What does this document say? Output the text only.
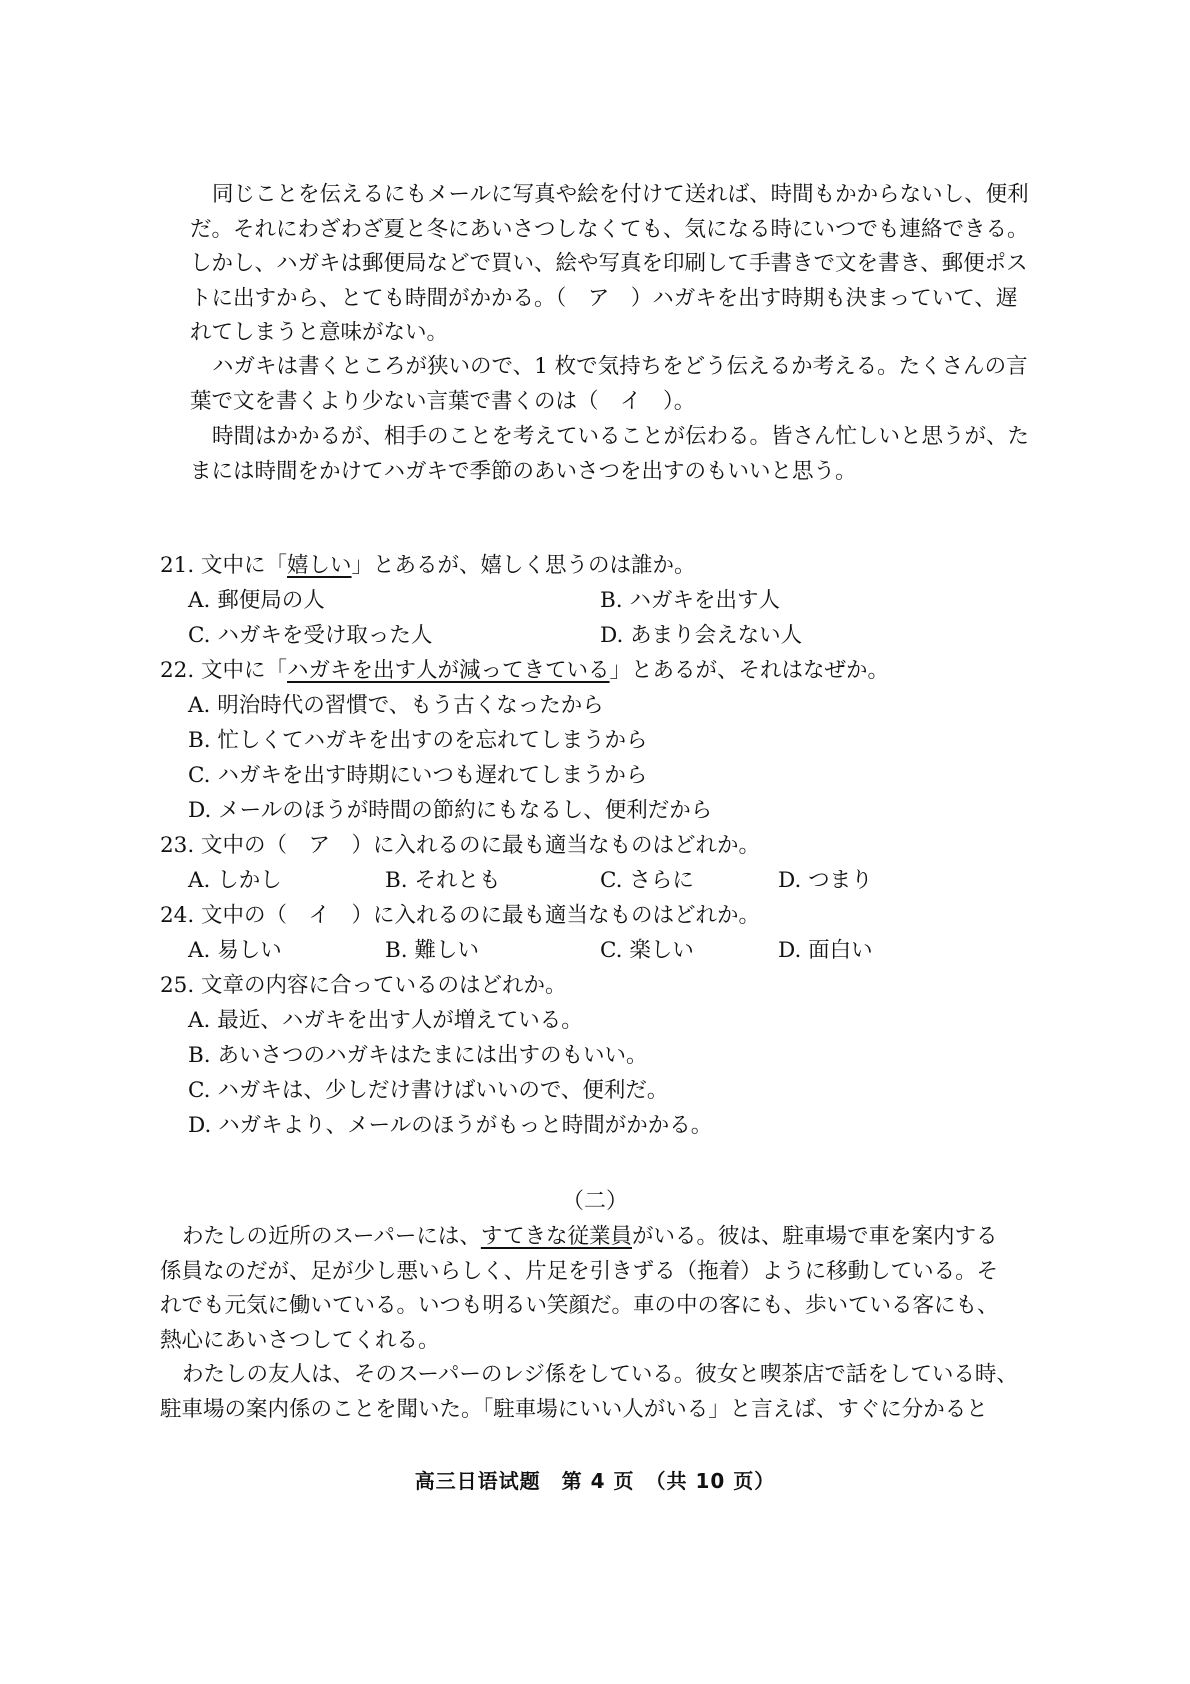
同じことを伝えるにもメールに写真や絵を付けて送れば、時間もかからないし、便利
だ。それにわざわざ夏と冬にあいさつしなくても、気になる時にいつでも連絡できる。
しかし、ハガキは郵便局などで買い、絵や写真を印刷して手書きで文を書き、郵便ポス
トに出すから、とても時間がかかる。（　ア　）ハガキを出す時期も決まっていて、遅
れてしまうと意味がない。

ハガキは書くところが狭いので、1 枚で気持ちをどう伝えるか考える。たくさんの言
葉で文を書くより少ない言葉で書くのは（　イ　）。

時間はかかるが、相手のことを考えていることが伝わる。皆さん忙しいと思うが、た
まには時間をかけてハガキで季節のあいさつを出すのもいいと思う。

21. 文中に「嬉しい」とあるが、嬉しく思うのは誰か。
A. 郵便局の人	B. ハガキを出す人
C. ハガキを受け取った人	D. あまり会えない人
22. 文中に「ハガキを出す人が減ってきている」とあるが、それはなぜか。
A. 明治時代の習慣で、もう古くなったから
B. 忙しくてハガキを出すのを忘れてしまうから
C. ハガキを出す時期にいつも遅れてしまうから
D. メールのほうが時間の節約にもなるし、便利だから
23. 文中の（　ア　）に入れるのに最も適当なものはどれか。
A. しかし	B. それとも	C. さらに	D. つまり
24. 文中の（　イ　）に入れるのに最も適当なものはどれか。
A. 易しい	B. 難しい	C. 楽しい	D. 面白い
25. 文章の内容に合っているのはどれか。
A. 最近、ハガキを出す人が増えている。
B. あいさつのハガキはたまには出すのもいい。
C. ハガキは、少しだけ書けばいいので、便利だ。
D. ハガキより、メールのほうがもっと時間がかかる。
（二）

わたしの近所のスーパーには、すてきな従業員がいる。彼は、駐車場で車を案内する
係員なのだが、足が少し悪いらしく、片足を引きずる（拖着）ように移動している。そ
れでも元気に働いている。いつも明るい笑顔だ。車の中の客にも、歩いている客にも、
熱心にあいさつしてくれる。

わたしの友人は、そのスーパーのレジ係をしている。彼女と喫茶店で話をしている時、
駐車場の案内係のことを聞いた。「駐車場にいい人がいる」と言えば、すぐに分かると

高三日语试题　第 4 页　（共 10 页）
